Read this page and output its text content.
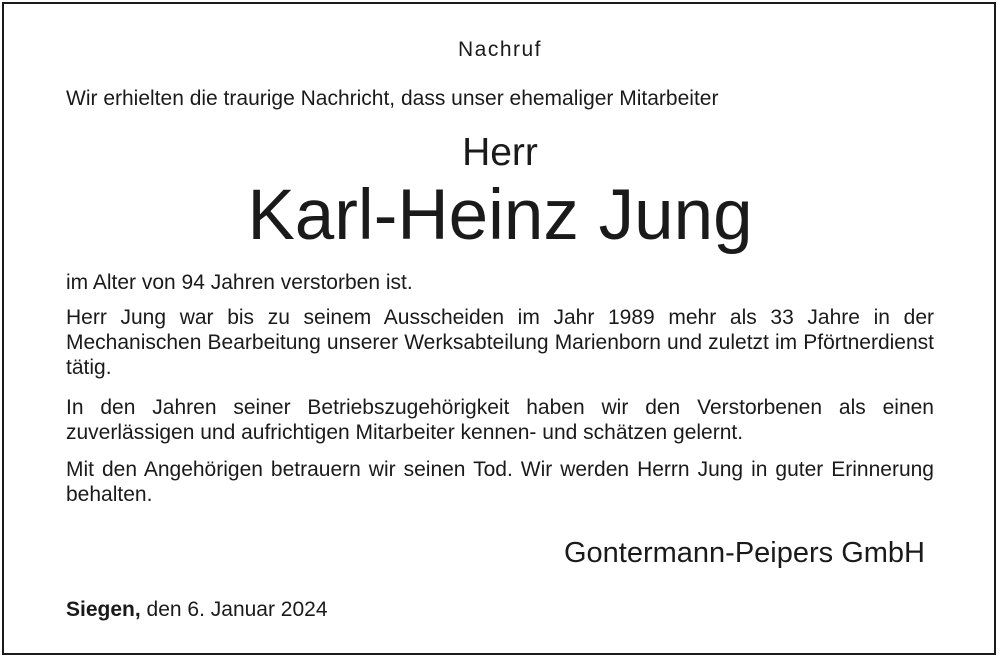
Nachruf
Wir erhielten die traurige Nachricht, dass unser ehemaliger Mitarbeiter
Herr
Karl-Heinz Jung
im Alter von 94 Jahren verstorben ist.
Herr Jung war bis zu seinem Ausscheiden im Jahr 1989 mehr als 33 Jahre in der Mechanischen Bearbeitung unserer Werksabteilung Marienborn und zuletzt im Pförtnerdienst tätig.
In den Jahren seiner Betriebszugehörigkeit haben wir den Verstorbenen als einen zuverlässigen und aufrichtigen Mitarbeiter kennen- und schätzen gelernt.
Mit den Angehörigen betrauern wir seinen Tod. Wir werden Herrn Jung in guter Erinnerung behalten.
Gontermann-Peipers GmbH
Siegen, den 6. Januar 2024
